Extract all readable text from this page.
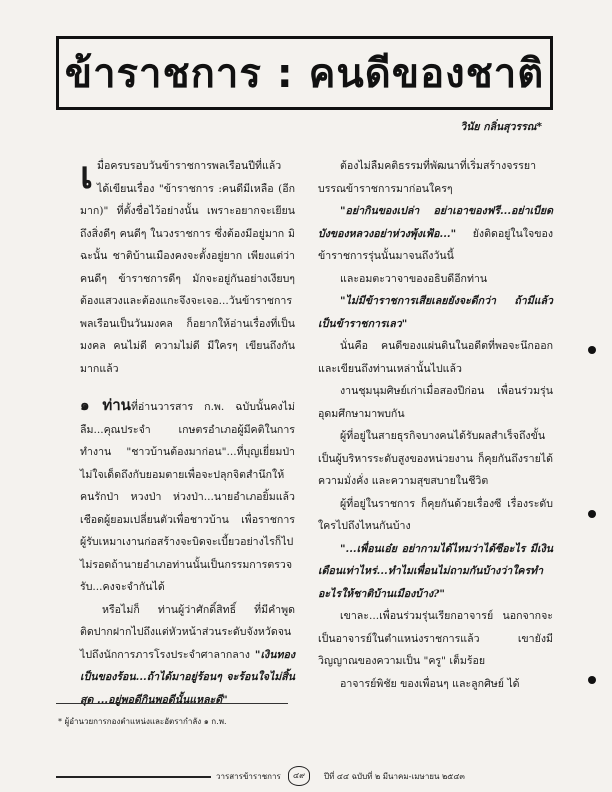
ข้าราชการ : คนดีของชาติ
วินัย กลิ่นสุวรรณ*

เมื่อครบรอบวันข้าราชการพลเรือนปีที่แล้ว ได้เขียนเรื่อง "ข้าราชการ :คนดีมีเหลือ (อีกมาก)" ที่ตั้งชื่อไว้อย่างนั้น เพราะอยากจะเยียนถึงสิ่งดีๆ คนดีๆ ในวงราชการ ซึ่งต้องมีอยู่มาก มิฉะนั้น ชาติบ้านเมืองคงจะตั้งอยู่ยาก เพียงแต่ว่าคนดีๆ ข้าราชการดีๆ มักจะอยู่กันอย่างเงียบๆ ต้องแสวงและต้องแกะจึงจะเจอ...วันข้าราชการพลเรือนเป็นวันมงคล ก็อยากให้อ่านเรื่องที่เป็นมงคล คนไม่ดี ความไม่ดี มีใครๆ เขียนถึงกันมากแล้ว

๑ ท่านที่อ่านวารสาร ก.พ. ฉบับนั้นคงไม่ลืม...คุณประจำ เกษตรอำเภอผู้มีคติในการทำงาน "ชาวบ้านต้องมาก่อน"...ที่บุญเยี่ยมป่าไม่ใจเด็ดถึงกับยอมตายเพื่อจะปลุกจิตสำนึกให้คนรักป่า หวงป่า ห่วงป่า...นายอำเภอยิ้มแล้วเชือดผู้ยอมเปลี่ยนตัวเพื่อชาวบ้าน เพื่อราชการผู้รับเหมาเงานก่อสร้างจะบิดจะเบี้ยวอย่างไรก็ไปไม่รอดถ้านายอำเภอท่านนั้นเป็นกรรมการตรวจรับ...คงจะจำกันได้

หรือไม่ก็ ท่านผู้ว่าศักดิ์สิทธิ์ ที่มีคำพูดติดปากฝากไปถึงแต่หัวหน้าส่วนระดับจังหวัดจนไปถึงนักการภารโรงประจำศาลากลาง "เงินทองเป็นของร้อน...ถ้าได้มาอยู่ร้อนๆ จะร้อนใจไม่สิ้นสุด ...อยู่พอดีกินพอดีนั้นแหละดี"

ต้องไม่ลืมคติธรรมที่พัฒนาที่เริ่มสร้างจรรยาบรรณข้าราชการมาก่อนใครๆ

"อย่ากินของเปล่า อย่าเอาของฟรี...อย่าเบียดบังของหลวงอย่าห่วงพุ้งเฟ้อ..." ยังติดอยู่ในใจของข้าราชการรุ่นนั้นมาจนถึงวันนี้

และอมตะวาจาของอธิบดีอีกท่าน

"ไม่มีข้าราชการเสียเลยยังจะดีกว่า ถ้ามีแล้วเป็นข้าราชการเลว"

นั่นคือ คนดีของแผ่นดินในอดีตที่พอจะนึกออกและเขียนถึงท่านเหล่านั้นไปแล้ว

งานชุมนุมศิษย์เก่าเมื่อสองปีก่อน เพื่อนร่วมรุ่นอุดมศึกษามาพบกัน

ผู้ที่อยู่ในสายธุรกิจบางคนได้รับผลสำเร็จถึงขั้นเป็นผู้บริหารระดับสูงของหน่วยงาน ก็คุยกันถึงรายได้ ความมั่งคั่ง และความสุขสบายในชีวิต

ผู้ที่อยู่ในราชการ ก็คุยกันด้วยเรื่องซี เรื่องระดับ ใครไปถึงไหนกันบ้าง

"...เพื่อนเอ๋ย อย่ากามได้ไหมว่าได้ซีอะไร มีเงินเดือนเท่าไหร่...ทำไมเพื่อนไม่ถามกันบ้างว่าใครทำอะไรให้ชาติบ้านเมืองบ้าง?"

เขาละ...เพื่อนร่วมรุ่นเรียกอาจารย์ นอกจากจะเป็นอาจารย์ในตำแหน่งราชการแล้ว เขายังมีวิญญาณของความเป็น "ครู" เต็มร้อย

อาจารย์พิชัย ของเพื่อนๆ และลูกศิษย์ ได้

* ผู้อำนวยการกองตำแหน่งและอัตรากำลัง ๑ ก.พ.
วารสารข้าราชการ	๔๙	ปีที่ ๔๔ ฉบับที่ ๒ มีนาคม-เมษายน ๒๕๔๓
